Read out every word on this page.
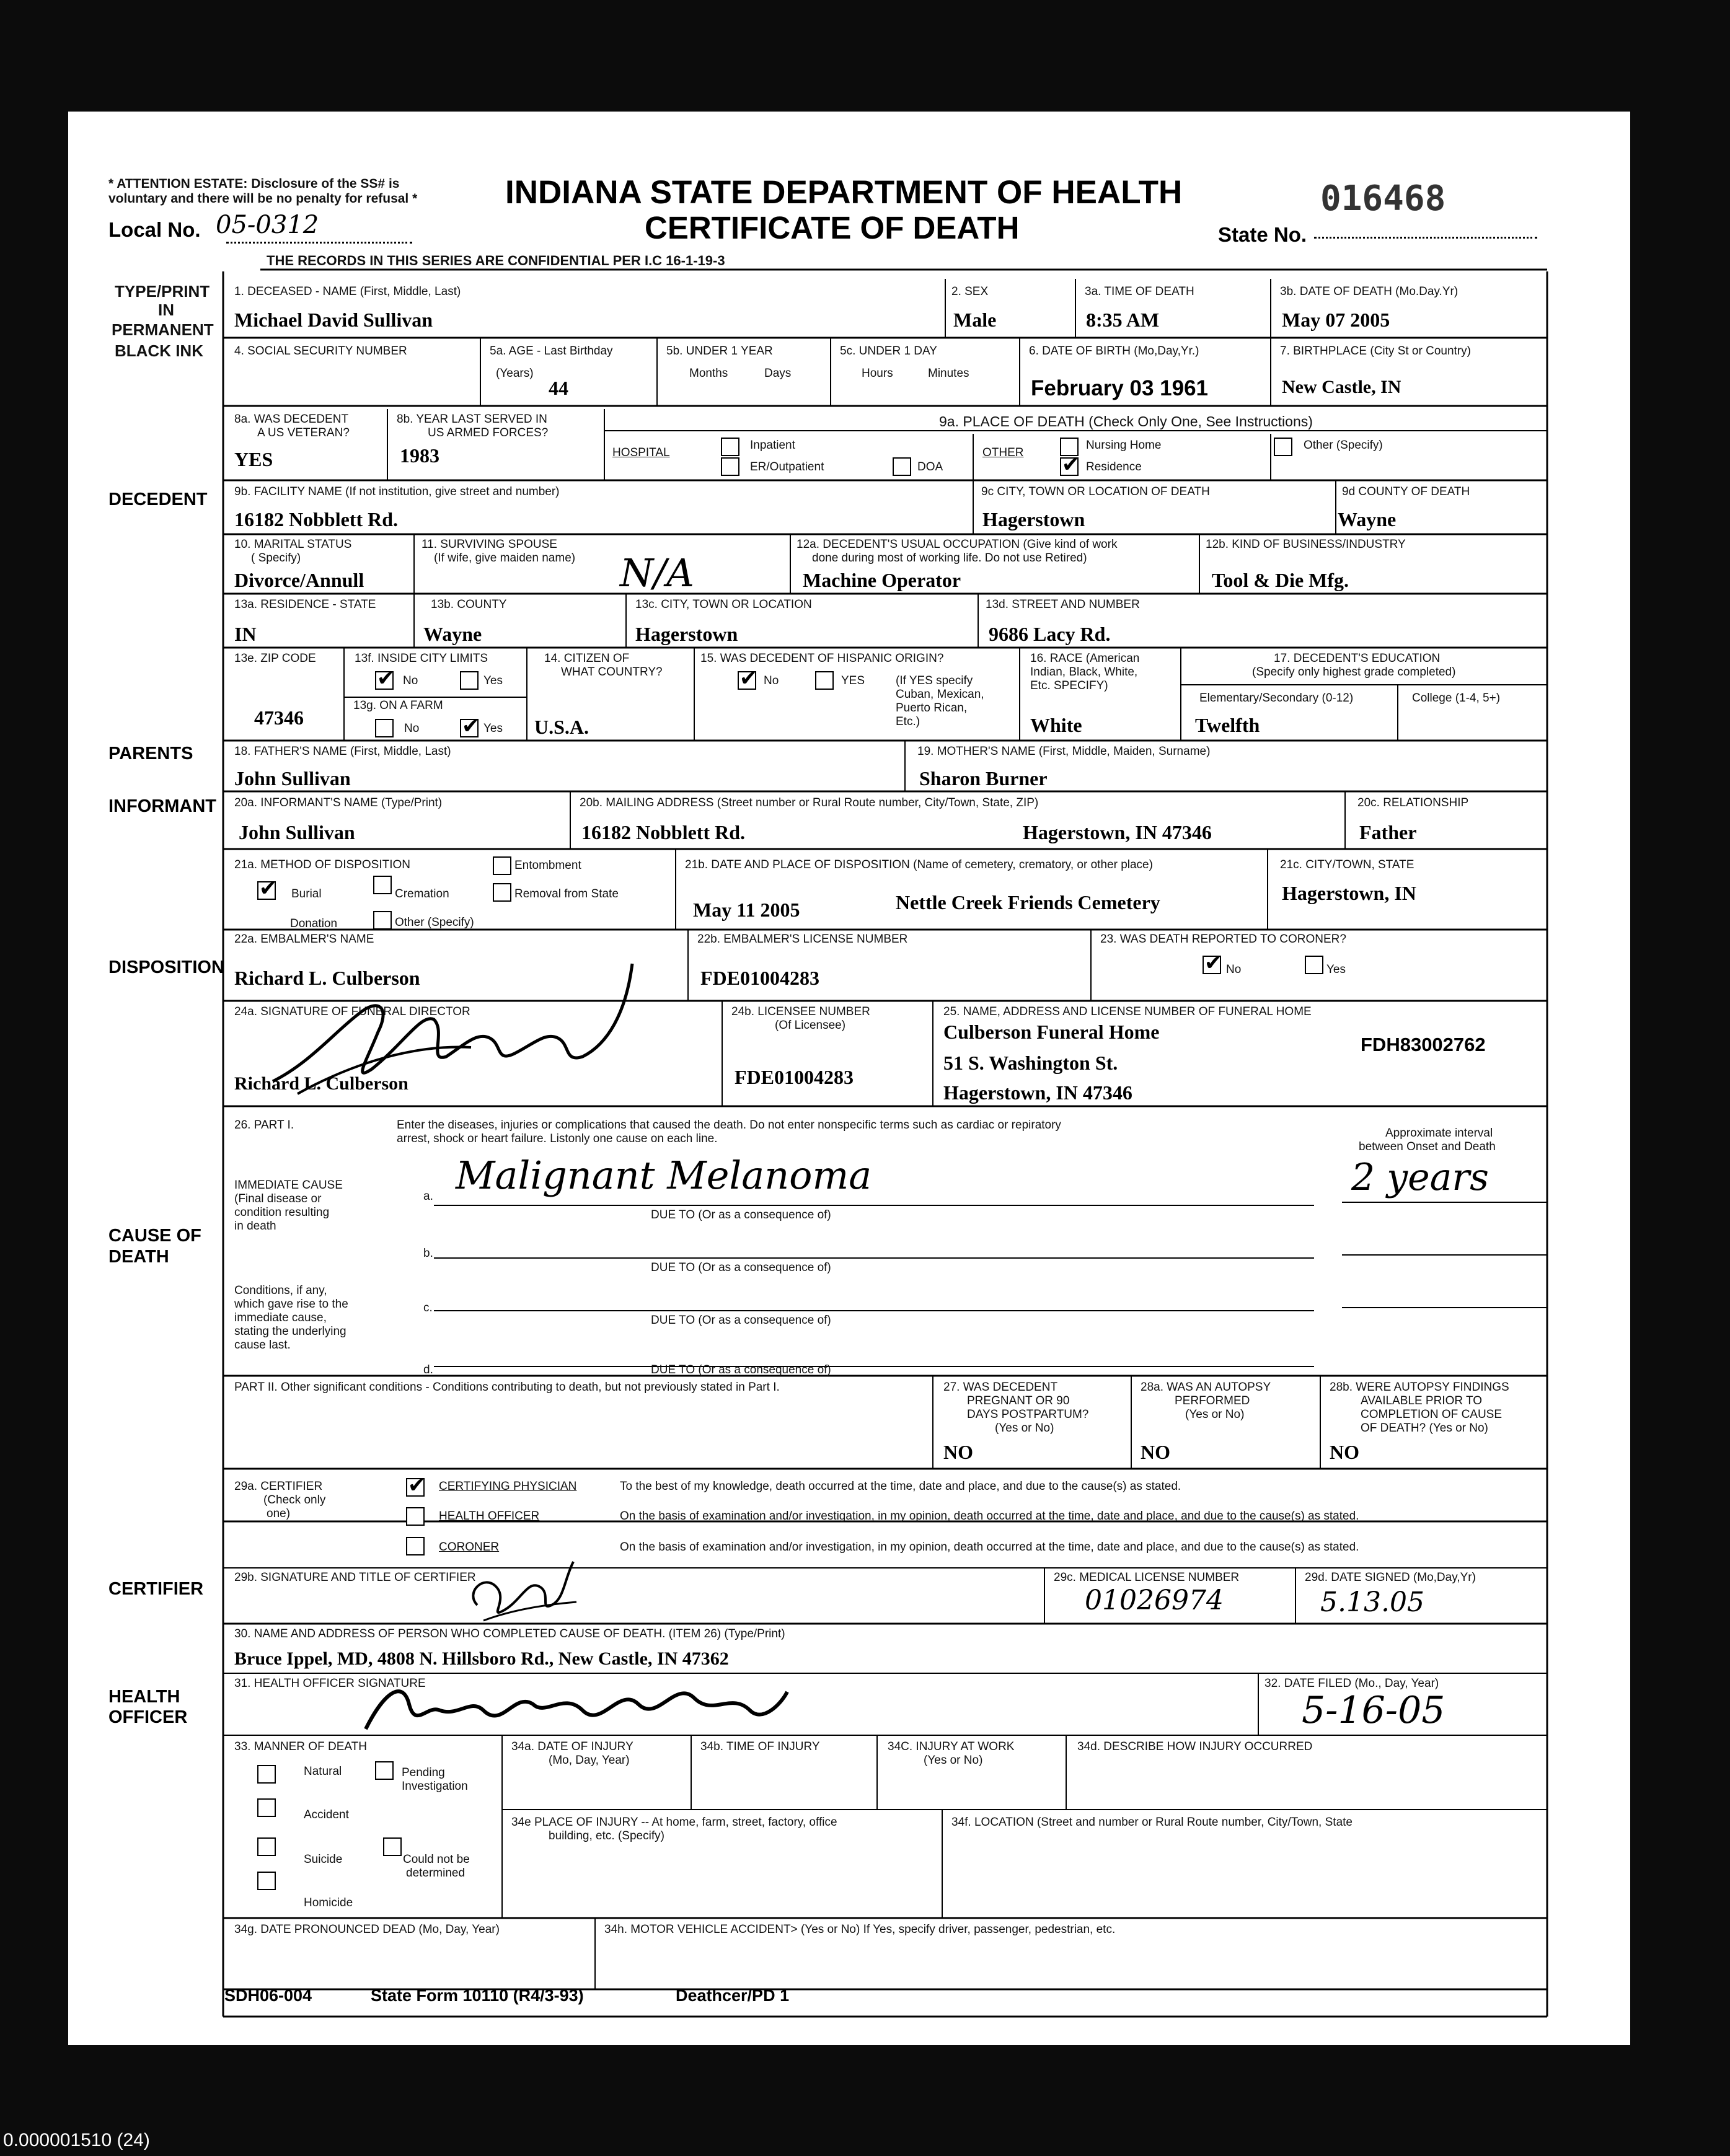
* ATTENTION ESTATE: Disclosure of the SS# is
voluntary and there will be no penalty for refusal *
Local No. 05-0312
INDIANA STATE DEPARTMENT OF HEALTH
CERTIFICATE OF DEATH
016468
State No.
THE RECORDS IN THIS SERIES ARE CONFIDENTIAL PER I.C 16-1-19-3
TYPE/PRINT
IN
PERMANENT
BLACK INK
DECEDENT
PARENTS
INFORMANT
DISPOSITION
CAUSE OF
DEATH
CERTIFIER
HEALTH
OFFICER
1. DECEASED - NAME (First, Middle, Last)
Michael David Sullivan
2. SEX
Male
3a. TIME OF DEATH
8:35 AM
3b. DATE OF DEATH (Mo.Day.Yr)
May 07 2005
4. SOCIAL SECURITY NUMBER	5a. AGE - Last Birthday
(Years)
44
5b. UNDER 1 YEAR
Months	Days
5c. UNDER 1 DAY
Hours	Minutes
6. DATE OF BIRTH (Mo,Day,Yr.)
February 03 1961
7. BIRTHPLACE (City St or Country)
New Castle, IN
8a. WAS DECEDENT
A US VETERAN?
YES
8b. YEAR LAST SERVED IN
US ARMED FORCES?
1983
9a. PLACE OF DEATH (Check Only One, See Instructions)
HOSPITAL
Inpatient
ER/Outpatient	DOA
OTHER
Nursing Home
✔
Residence
Other (Specify)
9b. FACILITY NAME (If not institution, give street and number)
16182 Nobblett Rd.
9c CITY, TOWN OR LOCATION OF DEATH
Hagerstown
9d COUNTY OF DEATH
Wayne
10. MARITAL STATUS
( Specify)
Divorce/Annull
11. SURVIVING SPOUSE
(If wife, give maiden name) N/A
12a. DECEDENT'S USUAL OCCUPATION (Give kind of work
done during most of working life. Do not use Retired)
Machine Operator
12b. KIND OF BUSINESS/INDUSTRY
Tool & Die Mfg.
13a. RESIDENCE - STATE
IN
13b. COUNTY
Wayne
13c. CITY, TOWN OR LOCATION
Hagerstown
13d. STREET AND NUMBER
9686 Lacy Rd.
13e. ZIP CODE
47346
13f. INSIDE CITY LIMITS
✔
No	Yes
13g. ON A FARM
No
✔	Yes
14. CITIZEN OF
WHAT COUNTRY?
U.S.A.
15. WAS DECEDENT OF HISPANIC ORIGIN?
✔
No	YES	(If YES specify
Cuban, Mexican,
Puerto Rican,
Etc.)
16. RACE (American
Indian, Black, White,
Etc. SPECIFY)
White
17. DECEDENT'S EDUCATION
(Specify only highest grade completed)
Elementary/Secondary (0-12)	College (1-4, 5+)
Twelfth
18. FATHER'S NAME (First, Middle, Last)
John Sullivan
19. MOTHER'S NAME (First, Middle, Maiden, Surname)
Sharon Burner
20a. INFORMANT'S NAME (Type/Print)
John Sullivan
20b. MAILING ADDRESS (Street number or Rural Route number, City/Town, State, ZIP)
16182 Nobblett Rd.	Hagerstown, IN 47346
20c. RELATIONSHIP
Father
21a. METHOD OF DISPOSITION
✔
Burial	Cremation
Donation	Other (Specify)
Entombment
Removal from State
21b. DATE AND PLACE OF DISPOSITION (Name of cemetery, crematory, or other place)
May 11 2005	Nettle Creek Friends Cemetery
21c. CITY/TOWN, STATE
Hagerstown, IN
22a. EMBALMER'S NAME
Richard L. Culberson
22b. EMBALMER'S LICENSE NUMBER
FDE01004283
23. WAS DEATH REPORTED TO CORONER?
✔
No	Yes
24a. SIGNATURE OF FUNERAL DIRECTOR
Richard L. Culberson
24b. LICENSEE NUMBER
(Of Licensee)
FDE01004283
25. NAME, ADDRESS AND LICENSE NUMBER OF FUNERAL HOME
Culberson Funeral Home
51 S. Washington St.
Hagerstown, IN 47346
FDH83002762
26. PART I.	Enter the diseases, injuries or complications that caused the death. Do not enter nonspecific terms such as cardiac or repiratory
arrest, shock or heart failure. Listonly one cause on each line.	Approximate interval
between Onset and Death
IMMEDIATE CAUSE
(Final disease or
condition resulting
in death
a. Malignant Melanoma	2 years
DUE TO (Or as a consequence of)
b.
DUE TO (Or as a consequence of)
Conditions, if any,
which gave rise to the
immediate cause,
stating the underlying
cause last.
c.
DUE TO (Or as a consequence of)
d.	DUE TO (Or as a consequence of)
PART II. Other significant conditions - Conditions contributing to death, but not previously stated in Part I.	27. WAS DECEDENT
PREGNANT OR 90
DAYS POSTPARTUM?
(Yes or No)
NO
28a. WAS AN AUTOPSY
PERFORMED
(Yes or No)
NO
28b. WERE AUTOPSY FINDINGS
AVAILABLE PRIOR TO
COMPLETION OF CAUSE
OF DEATH? (Yes or No)
NO
29a. CERTIFIER
(Check only
one)
✔
CERTIFYING PHYSICIAN	To the best of my knowledge, death occurred at the time, date and place, and due to the cause(s) as stated.
HEALTH OFFICER	On the basis of examination and/or investigation, in my opinion, death occurred at the time, date and place, and due to the cause(s) as stated.
CORONER	On the basis of examination and/or investigation, in my opinion, death occurred at the time, date and place, and due to the cause(s) as stated.
29b. SIGNATURE AND TITLE OF CERTIFIER	29c. MEDICAL LICENSE NUMBER
01026974
29d. DATE SIGNED (Mo,Day,Yr)
5.13.05
30. NAME AND ADDRESS OF PERSON WHO COMPLETED CAUSE OF DEATH. (ITEM 26) (Type/Print)
Bruce Ippel, MD, 4808 N. Hillsboro Rd., New Castle, IN 47362
31. HEALTH OFFICER SIGNATURE	32. DATE FILED (Mo., Day, Year)
5-16-05
33. MANNER OF DEATH
Natural	Pending
Investigation
Accident
Suicide	Could not be
determined
Homicide
34a. DATE OF INJURY
(Mo, Day, Year)
34b. TIME OF INJURY	34C. INJURY AT WORK
(Yes or No)
34d. DESCRIBE HOW INJURY OCCURRED
34e PLACE OF INJURY -- At home, farm, street, factory, office
building, etc. (Specify)
34f. LOCATION (Street and number or Rural Route number, City/Town, State
34g. DATE PRONOUNCED DEAD (Mo, Day, Year)	34h. MOTOR VEHICLE ACCIDENT> (Yes or No) If Yes, specify driver, passenger, pedestrian, etc.
SDH06-004	State Form 10110 (R4/3-93)	Deathcer/PD 1
0.000001510 (24)
